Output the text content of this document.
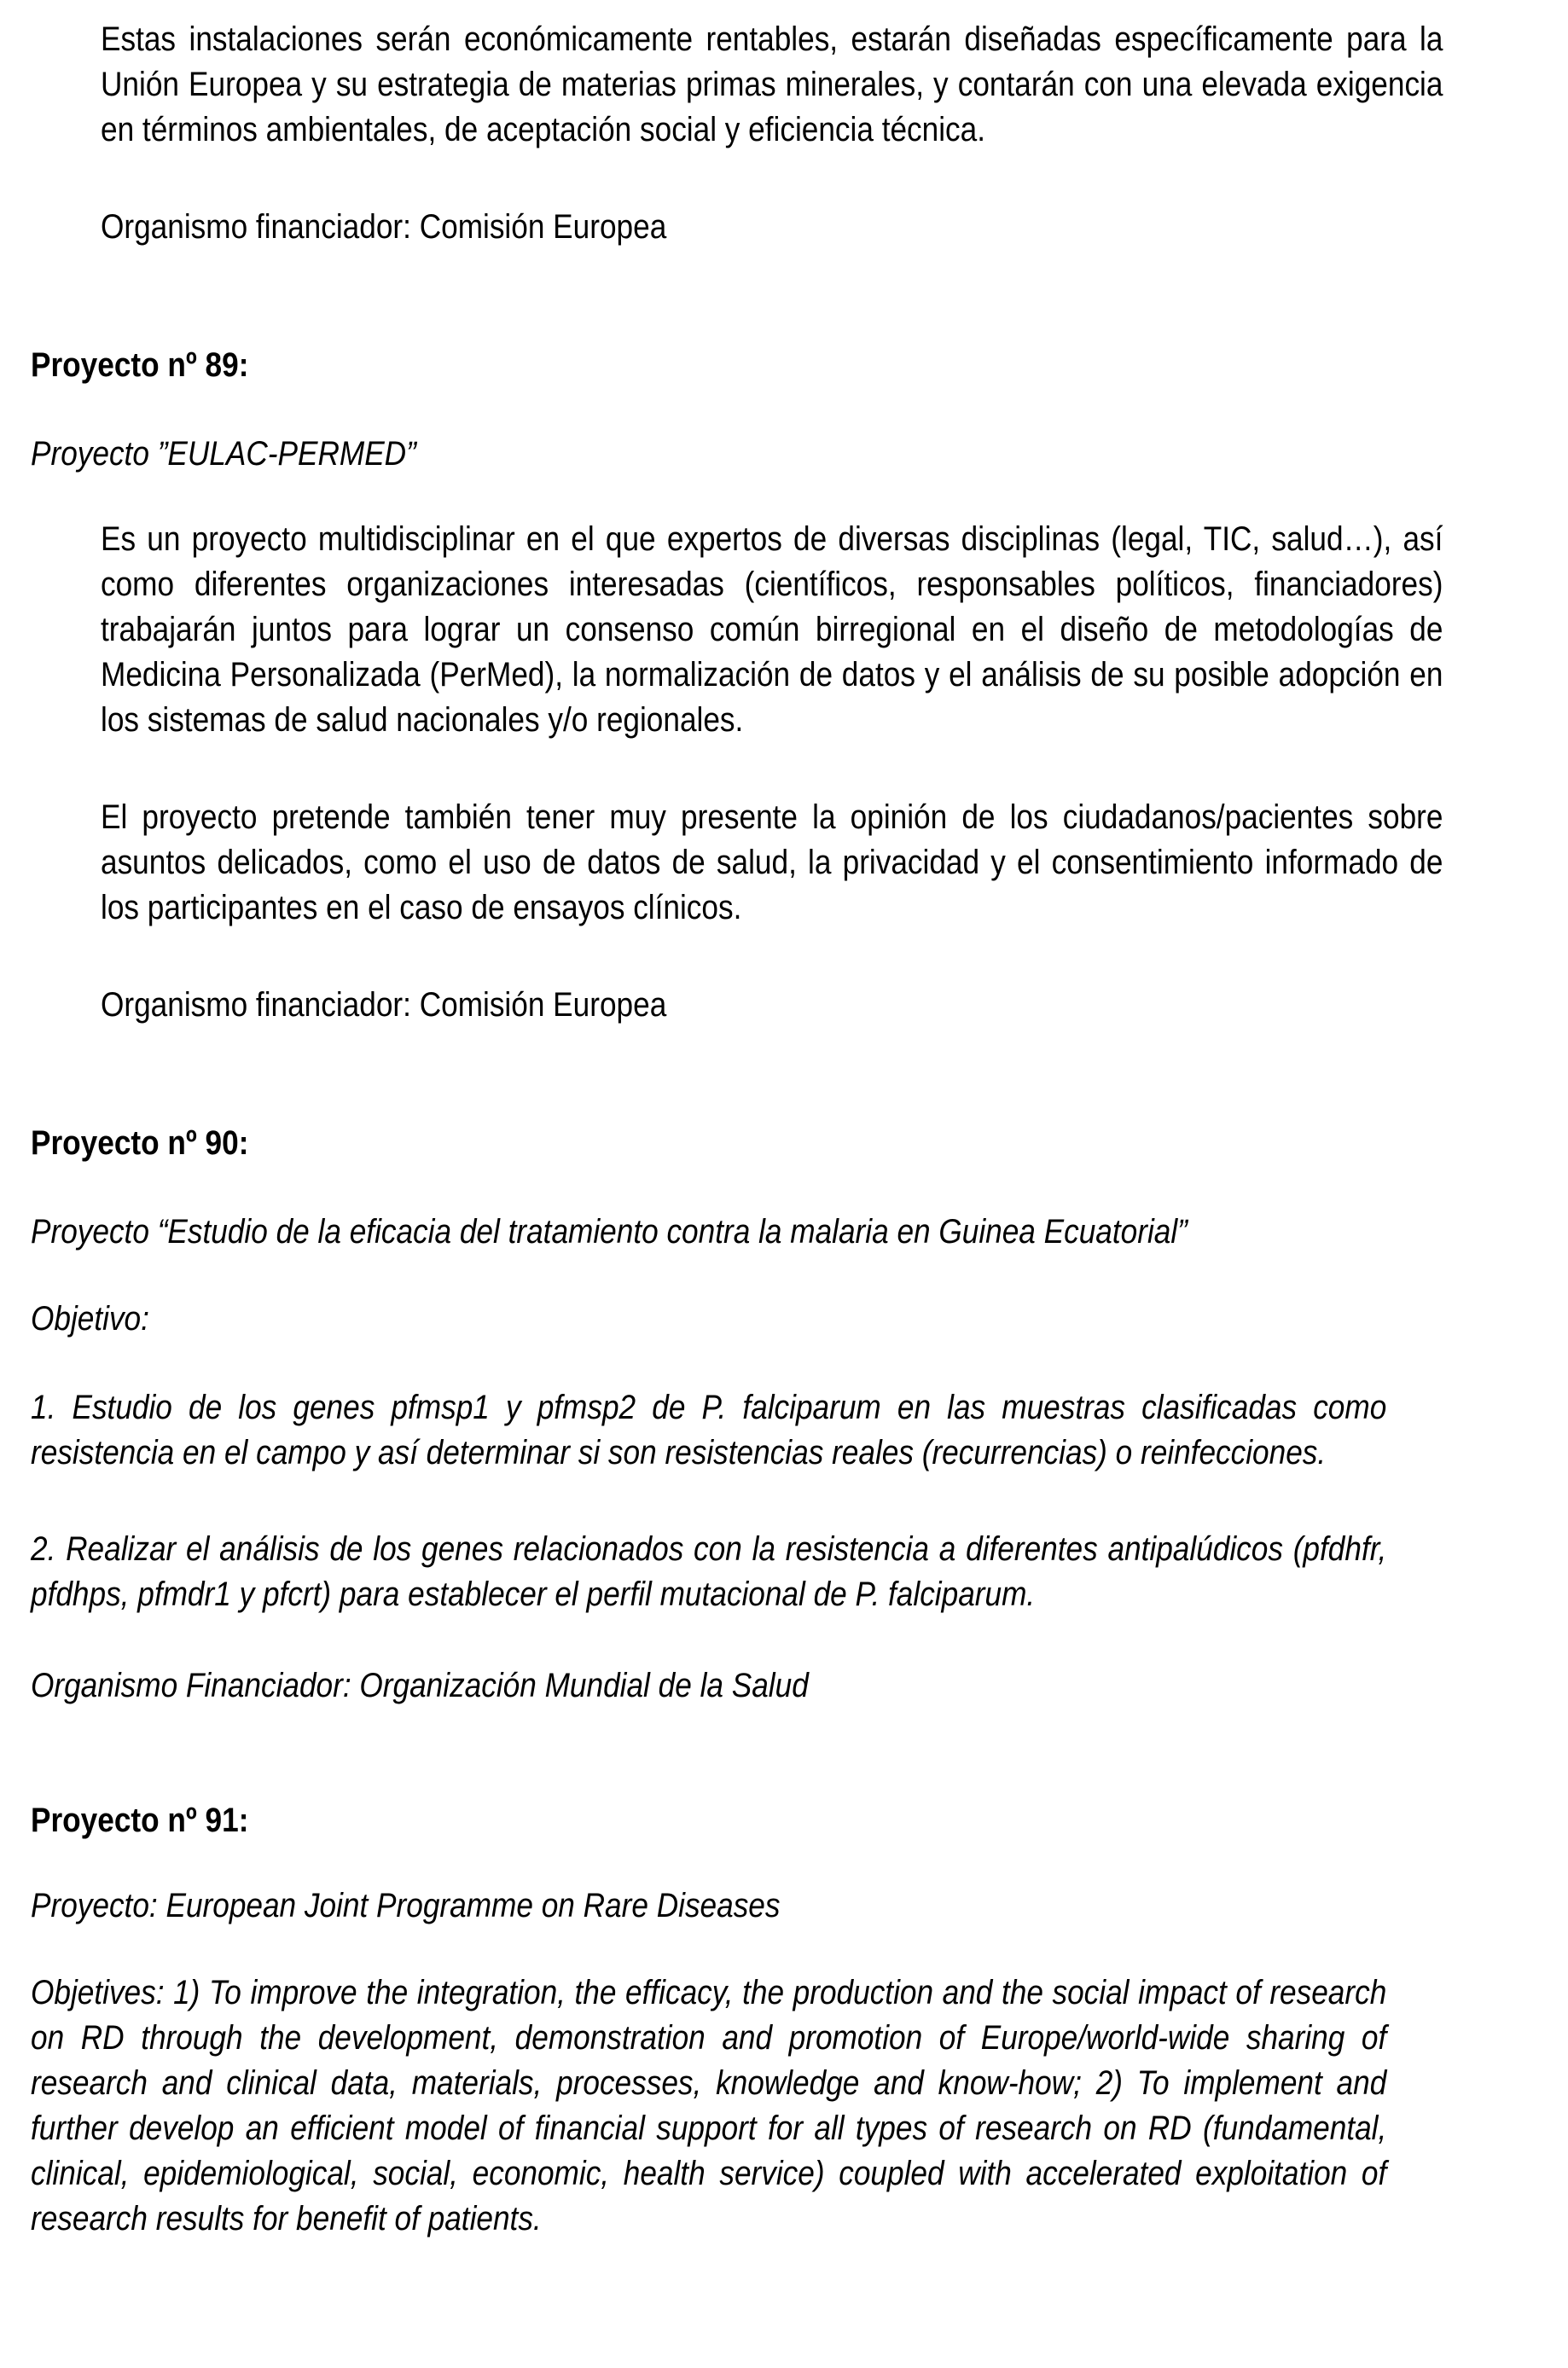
Estas instalaciones serán económicamente rentables, estarán diseñadas específicamente para la Unión Europea y su estrategia de materias primas minerales, y contarán con una elevada exigencia en términos ambientales, de aceptación social y eficiencia técnica.

Organismo financiador: Comisión Europea

Proyecto nº 89:

Proyecto ”EULAC-PERMED”

Es un proyecto multidisciplinar en el que expertos de diversas disciplinas (legal, TIC, salud…), así como diferentes organizaciones interesadas (científicos, responsables políticos, financiadores) trabajarán juntos para lograr un consenso común birregional en el diseño de metodologías de Medicina Personalizada (PerMed), la normalización de datos y el análisis de su posible adopción en los sistemas de salud nacionales y/o regionales.

El proyecto pretende también tener muy presente la opinión de los ciudadanos/pacientes sobre asuntos delicados, como el uso de datos de salud, la privacidad y el consentimiento informado de los participantes en el caso de ensayos clínicos.

Organismo financiador: Comisión Europea

Proyecto nº 90:

Proyecto “Estudio de la eficacia del tratamiento contra la malaria en Guinea Ecuatorial”

Objetivo:

1. Estudio de los genes pfmsp1 y pfmsp2 de P. falciparum en las muestras clasificadas como resistencia en el campo y así determinar si son resistencias reales (recurrencias) o reinfecciones.

2. Realizar el análisis de los genes relacionados con la resistencia a diferentes antipalúdicos (pfdhfr, pfdhps, pfmdr1 y pfcrt) para establecer el perfil mutacional de P. falciparum.

Organismo Financiador: Organización Mundial de la Salud

Proyecto nº 91:

Proyecto: European Joint Programme on Rare Diseases

Objetives: 1) To improve the integration, the efficacy, the production and the social impact of research on RD through the development, demonstration and promotion of Europe/world-wide sharing of research and clinical data, materials, processes, knowledge and know-how; 2) To implement and further develop an efficient model of financial support for all types of research on RD (fundamental, clinical, epidemiological, social, economic, health service) coupled with accelerated exploitation of research results for benefit of patients.
